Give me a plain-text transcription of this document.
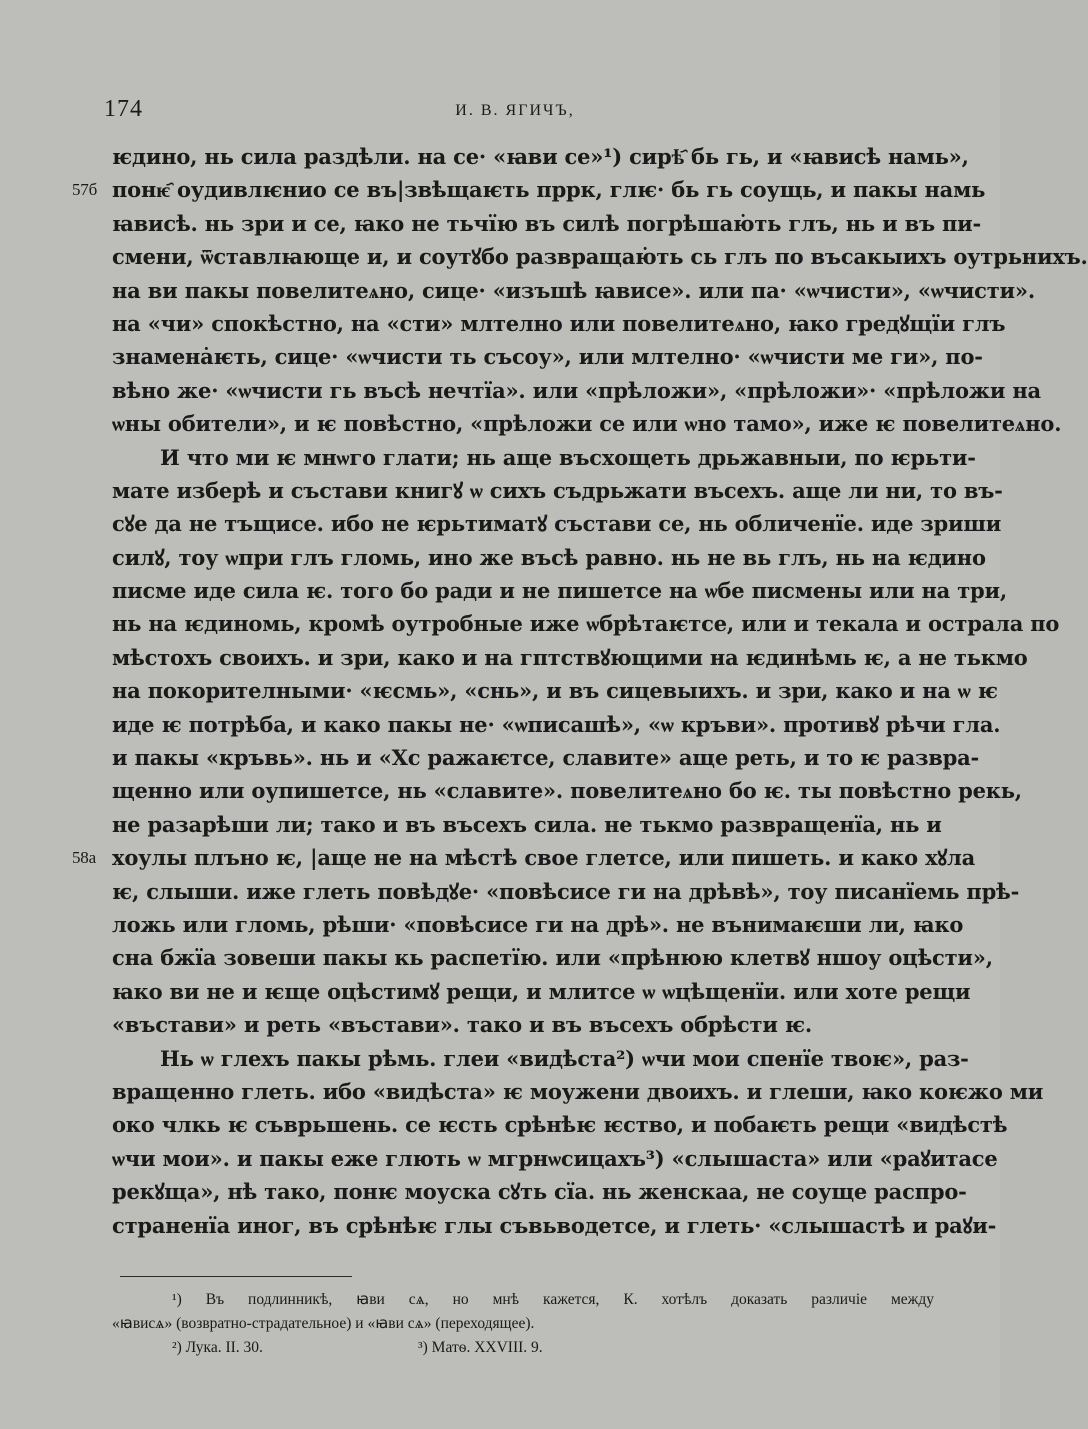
174	И. В. ЯГИЧЪ,
ѥдино, нь сила раздѣли. на се· «ꙗви се»¹) сирѣ҄ бь гь, и «ꙗвисѣ намь»,
57б понѥ҄ оудивлѥнио се въ|звѣщаѥть пррк, глѥ· бь гь соущь, и пакы намь
ꙗвисѣ. нь зри и се, ꙗко не тьчїю въ силѣ погрѣшаю̇ть глъ, нь и въ пи-
смени, ѿставлꙗюще и, и соутꙋбо развращаю̇ть сь глъ по въсакыихъ оутрьнихъ.
на ви пакы повелитеѧно, сице· «изъшѣ ꙗвисе». или па· «ѡчисти», «ѡчисти».
на «чи» спокѣстно, на «сти» млтелно или повелитеѧно, ꙗко гредꙋщїи глъ
знамена̇ѥть, сице· «ѡчисти ть съсоу», или млтелно· «ѡчисти ме ги», по-
вѣно же· «ѡчисти гь въсѣ нечтїа». или «прѣложи», «прѣложи»· «прѣложи на
ѡны обители», и ѥ повѣстно, «прѣложи се или ѡно тамо», иже ѥ повелитеѧно.
И что ми ѥ мнѡго глати; нь аще въсхощеть дрьжавныи, по ѥрьти-
мате изберѣ и състави книгꙋ ѡ сихъ съдрьжати въсехъ. аще ли ни, то въ-
сꙋе да не тъщисе. ибо не ѥрьтиматꙋ състави се, нь обличенїе. иде зриши
силꙋ, тоу ѡпри глъ гломь, ино же въсѣ равно. нь не вь глъ, нь на ѥдино
писме иде сила ѥ. того бо ради и не пишетсе на ѡбе писмены или на три,
нь на ѥдиномь, кромѣ оутробные иже ѡбрѣтаѥтсе, или и текала и острала по
мѣстохъ своихъ. и зри, како и на гптствꙋющими на ѥдинѣмь ѥ, а не тькмо
на покорителными· «ѥсмь», «снь», и въ сицевыихъ. и зри, како и на ѡ ѥ
иде ѥ потрѣба, и како пакы не· «ѡписашѣ», «ѡ кръви». противꙋ рѣчи гла.
и пакы «кръвь». нь и «Хс ражаѥтсе, славите» аще реть, и то ѥ развра-
щенно или оупишетсе, нь «славите». повелитеѧно бо ѥ. ты повѣстно рекь,
не разарѣши ли; тако и въ въсехъ сила. не тькмо развращенїа, нь и
58а хоулы плъно ѥ, |аще не на мѣстѣ свое глетсе, или пишеть. и како хꙋла
ѥ, слыши. иже глеть повѣдꙋе· «повѣсисе ги на дрѣвѣ», тоу писанїемь прѣ-
ложь или гломь, рѣши· «повѣсисе ги на дрѣ». не вънимаѥши ли, ꙗко
сна бжїа зовеши пакы кь распетїю. или «прѣнюю клетвꙋ ншоу оцѣсти»,
ꙗко ви не и ѥще оцѣстимꙋ рещи, и млитсе ѡ ѡцѣщенїи. или хоте рещи
«въстави» и реть «въстави». тако и въ въсехъ обрѣсти ѥ.
Нь ѡ глехъ пакы рѣмь. глеи «видѣста²) ѡчи мои спенїе твоѥ», раз-
вращенно глеть. ибо «видѣста» ѥ моужени двоихъ. и глеши, ꙗко коѥжо ми
око члкь ѥ съврьшень. се ѥсть срѣнѣѥ ѥство, и побаѥть рещи «видѣстѣ
ѡчи мои». и пакы еже глють ѡ мгрнѡсицахъ³) «слышаста» или «раꙋитасе
рекꙋща», нѣ тако, понѥ моуска сꙋть сїа. нь женскаа, не соуще распро-
страненїа иног, въ срѣнѣѥ глы съвьводетсе, и глеть· «слышастѣ и раꙋи-
¹) Въ подлинникѣ, ꙗви сѧ, но мнѣ кажется, К. хотѣлъ доказать различіе между
«ꙗвисѧ» (возвратно-страдательное) и «ꙗви сѧ» (переходящее).
²) Лука. II. 30.	³) Матѳ. XXVIII. 9.
